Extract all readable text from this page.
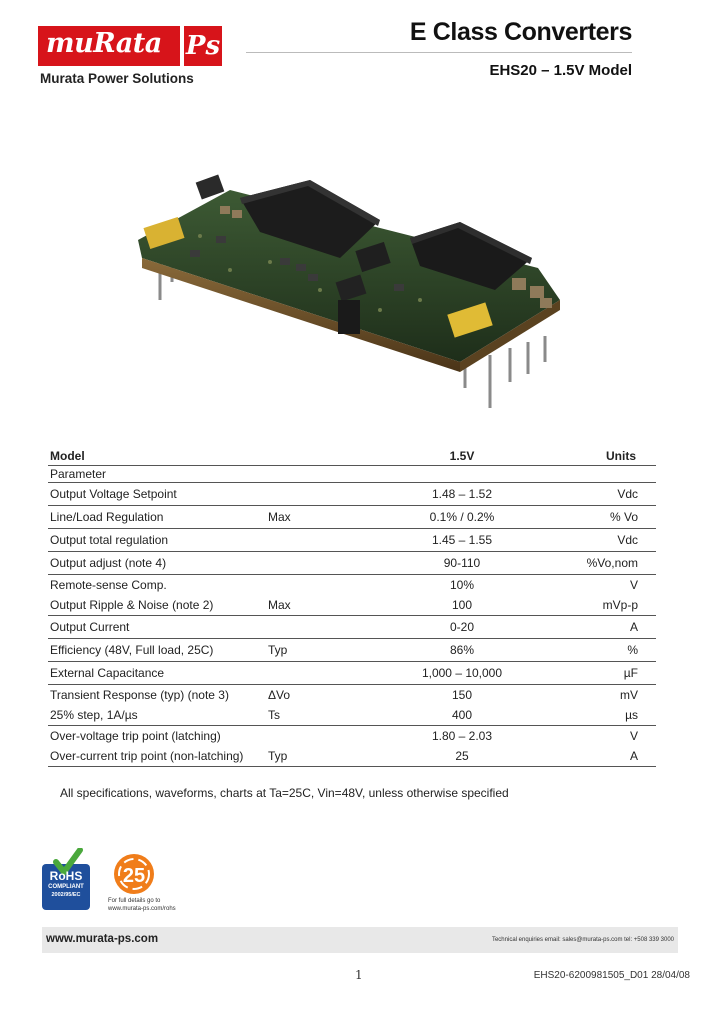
muRata Ps
Murata Power Solutions
E Class Converters
EHS20 – 1.5V Model
Model		1.5V	Units
Parameter			
Output Voltage Setpoint		1.48 – 1.52	Vdc
Line/Load Regulation	Max	0.1% / 0.2%	% Vo
Output total regulation		1.45 – 1.55	Vdc
Output adjust (note 4)		90-110	%Vo,nom
Remote-sense Comp.		10%	V
Output Ripple & Noise (note 2)	Max	100	mVp-p
Output Current		0-20	A
Efficiency (48V, Full load, 25C)	Typ	86%	%
External Capacitance		1,000 – 10,000	µF
Transient Response (typ) (note 3)	ΔVo	150	mV
25% step, 1A/µs	Ts	400	µs
Over-voltage trip point (latching)		1.80 – 2.03	V
Over-current trip point (non-latching)	Typ	25	A
All specifications, waveforms, charts at Ta=25C, Vin=48V, unless otherwise specified
RoHS
COMPLIANT
2002/95/EC
25
For full details go to
www.murata-ps.com/rohs
www.murata-ps.com	Technical enquiries email: sales@murata-ps.com tel: +508 339 3000
1	EHS20-6200981505_D01 28/04/08
